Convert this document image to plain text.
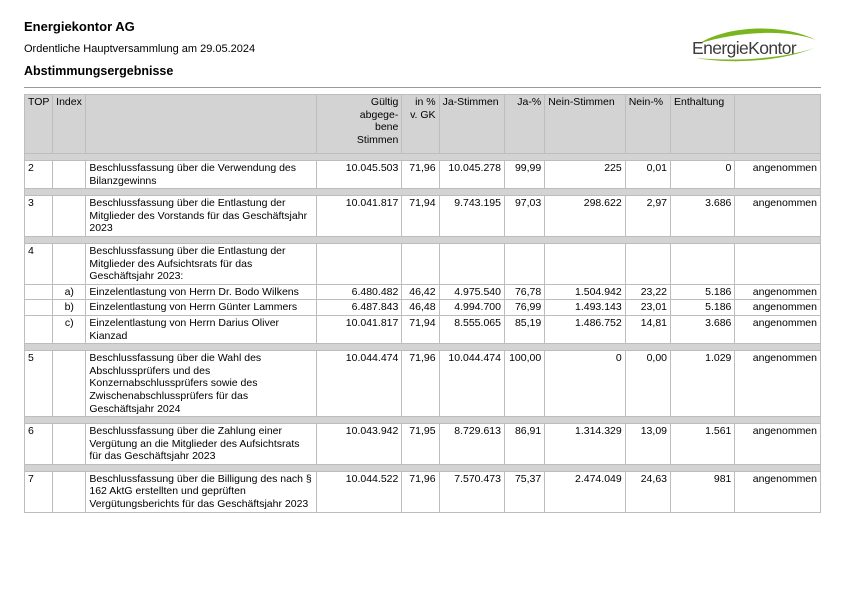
Energiekontor AG
Ordentliche Hauptversammlung am 29.05.2024
Abstimmungsergebnisse
EnergieKontor
TOP	Index		Gültig abgege-bene Stimmen	in %
v. GK	Ja-Stimmen	Ja-%	Nein-Stimmen	Nein-%	Enthaltung	

2		Beschlussfassung über die Verwendung des Bilanzgewinns	10.045.503	71,96	10.045.278	99,99	225	0,01	0	angenommen

3		Beschlussfassung über die Entlastung der Mitglieder des Vorstands für das Geschäftsjahr 2023	10.041.817	71,94	9.743.195	97,03	298.622	2,97	3.686	angenommen

4		Beschlussfassung über die Entlastung der Mitglieder des Aufsichtsrats für das Geschäftsjahr 2023:								
	a)	Einzelentlastung von Herrn Dr. Bodo Wilkens	6.480.482	46,42	4.975.540	76,78	1.504.942	23,22	5.186	angenommen
	b)	Einzelentlastung von Herrn Günter Lammers	6.487.843	46,48	4.994.700	76,99	1.493.143	23,01	5.186	angenommen
	c)	Einzelentlastung von Herrn Darius Oliver Kianzad	10.041.817	71,94	8.555.065	85,19	1.486.752	14,81	3.686	angenommen

5		Beschlussfassung über die Wahl des Abschlussprüfers und des Konzernabschlussprüfers sowie des Zwischenabschlussprüfers für das Geschäftsjahr 2024	10.044.474	71,96	10.044.474	100,00	0	0,00	1.029	angenommen

6		Beschlussfassung über die Zahlung einer Vergütung an die Mitglieder des Aufsichtsrats für das Geschäftsjahr 2023	10.043.942	71,95	8.729.613	86,91	1.314.329	13,09	1.561	angenommen

7		Beschlussfassung über die Billigung des nach § 162 AktG erstellten und geprüften Vergütungsberichts für das Geschäftsjahr 2023	10.044.522	71,96	7.570.473	75,37	2.474.049	24,63	981	angenommen
